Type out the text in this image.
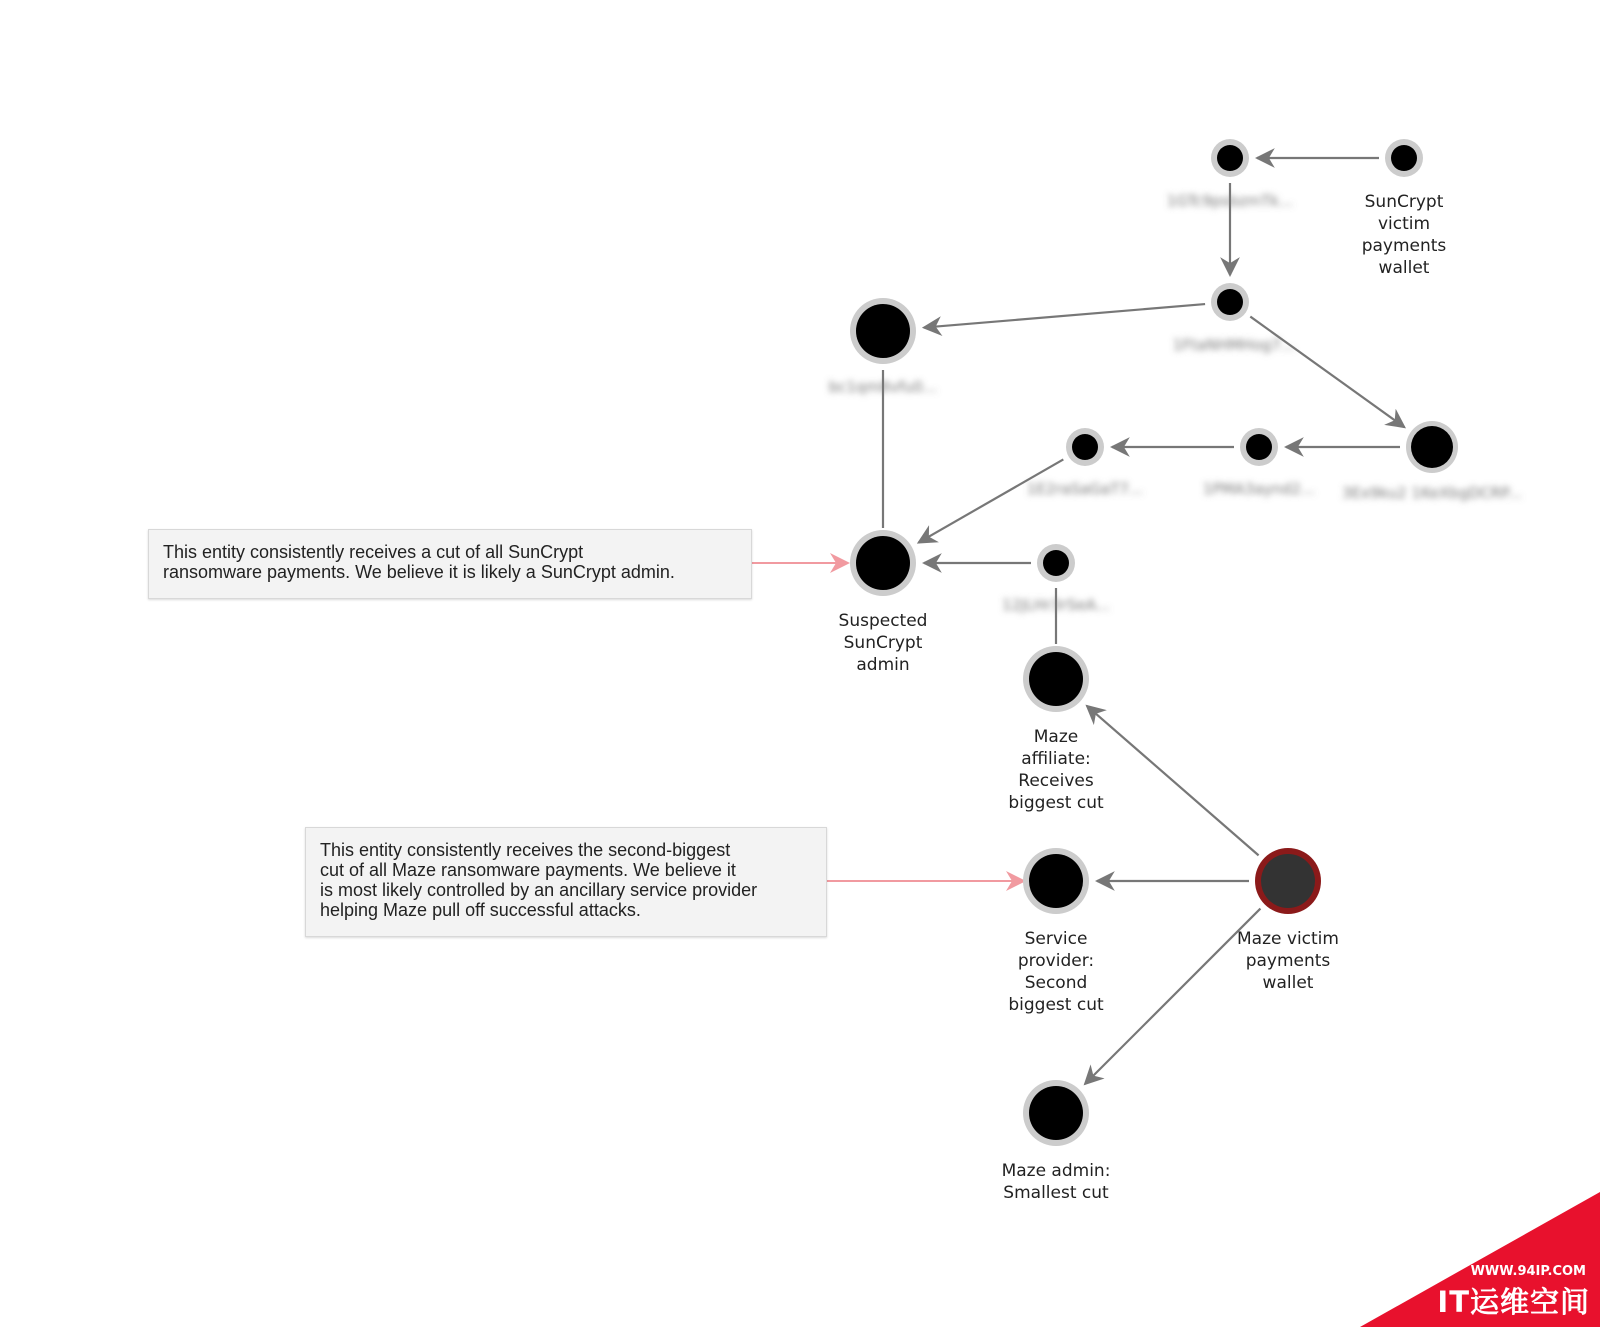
1GTc9psbzmTk...	SunCrypt victim payments wallet
1FtaNHMHog7...
bc1qm8vfu0...
3Ex9ku2 1KeXbgDCRP...
1PMA3aynd2...
1E2raSaGaT7...
Suspected SunCrypt admin
12JLHr3rSeA...
Maze affiliate: Receives biggest cut
Service provider: Second biggest cut
Maze victim payments wallet
Maze admin: Smallest cut
This entity consistently receives a cut of all SunCrypt
ransomware payments. We believe it is likely a SunCrypt admin.
This entity consistently receives the second-biggest
cut of all Maze ransomware payments. We believe it
is most likely controlled by an ancillary service provider
helping Maze pull off successful attacks.
WWW.94IP.COM
IT运维空间
